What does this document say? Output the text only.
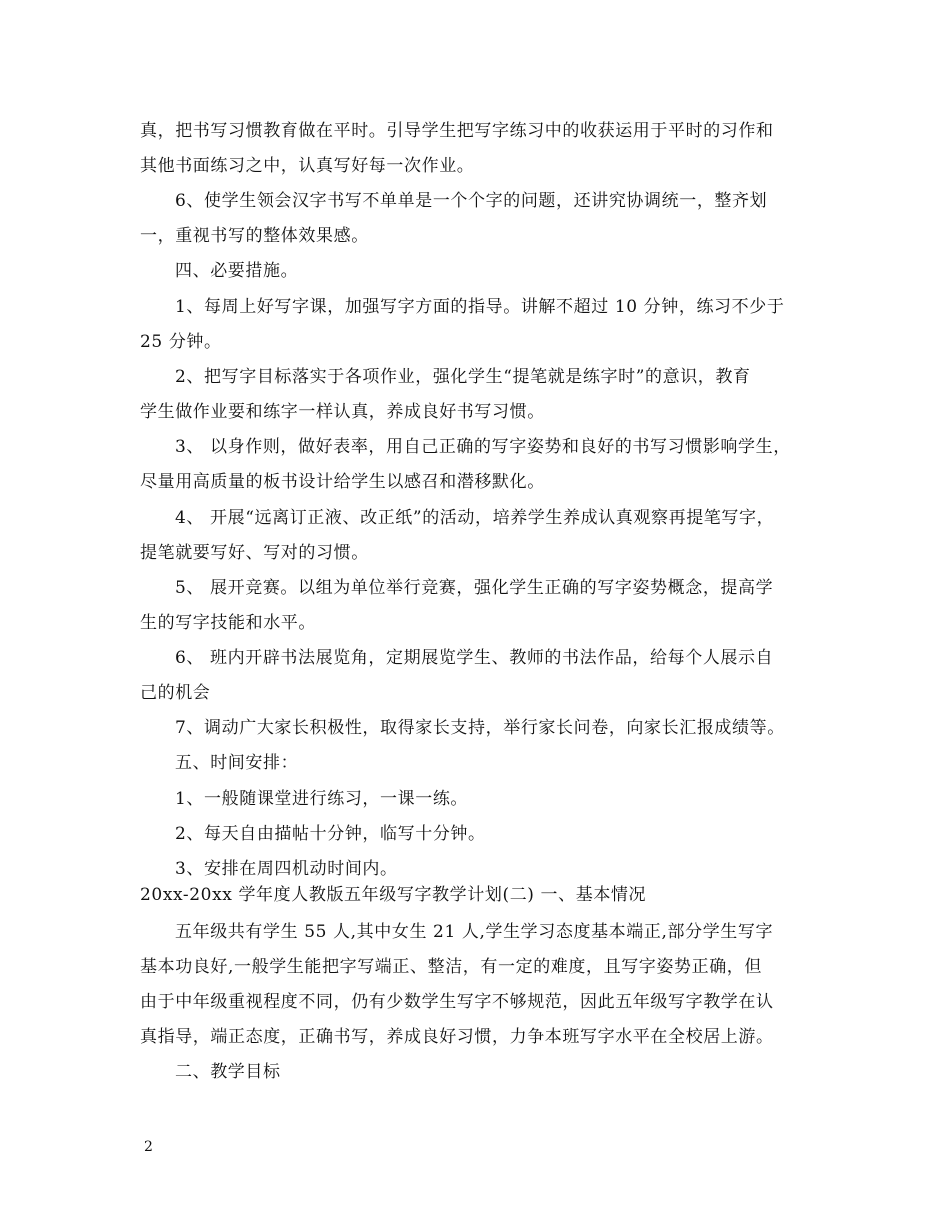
真，把书写习惯教育做在平时。引导学生把写字练习中的收获运用于平时的习作和
其他书面练习之中，认真写好每一次作业。
6、使学生领会汉字书写不单单是一个个字的问题，还讲究协调统一，整齐划
一，重视书写的整体效果感。
四、必要措施。
1、每周上好写字课，加强写字方面的指导。讲解不超过 10 分钟，练习不少于
25 分钟。
2、把写字目标落实于各项作业，强化学生“提笔就是练字时”的意识，教育
学生做作业要和练字一样认真，养成良好书写习惯。
3、 以身作则，做好表率，用自己正确的写字姿势和良好的书写习惯影响学生，
尽量用高质量的板书设计给学生以感召和潜移默化。
4、 开展“远离订正液、改正纸”的活动，培养学生养成认真观察再提笔写字，
提笔就要写好、写对的习惯。
5、 展开竞赛。以组为单位举行竞赛，强化学生正确的写字姿势概念，提高学
生的写字技能和水平。
6、 班内开辟书法展览角，定期展览学生、教师的书法作品，给每个人展示自
己的机会
7、调动广大家长积极性，取得家长支持，举行家长问卷，向家长汇报成绩等。
五、时间安排：
1、一般随课堂进行练习，一课一练。
2、每天自由描帖十分钟，临写十分钟。
3、安排在周四机动时间内。
20xx-20xx 学年度人教版五年级写字教学计划(二) 一、基本情况
五年级共有学生 55 人,其中女生 21 人,学生学习态度基本端正,部分学生写字
基本功良好,一般学生能把字写端正、整洁，有一定的难度，且写字姿势正确，但
由于中年级重视程度不同，仍有少数学生写字不够规范，因此五年级写字教学在认
真指导，端正态度，正确书写，养成良好习惯，力争本班写字水平在全校居上游。
二、教学目标
2
